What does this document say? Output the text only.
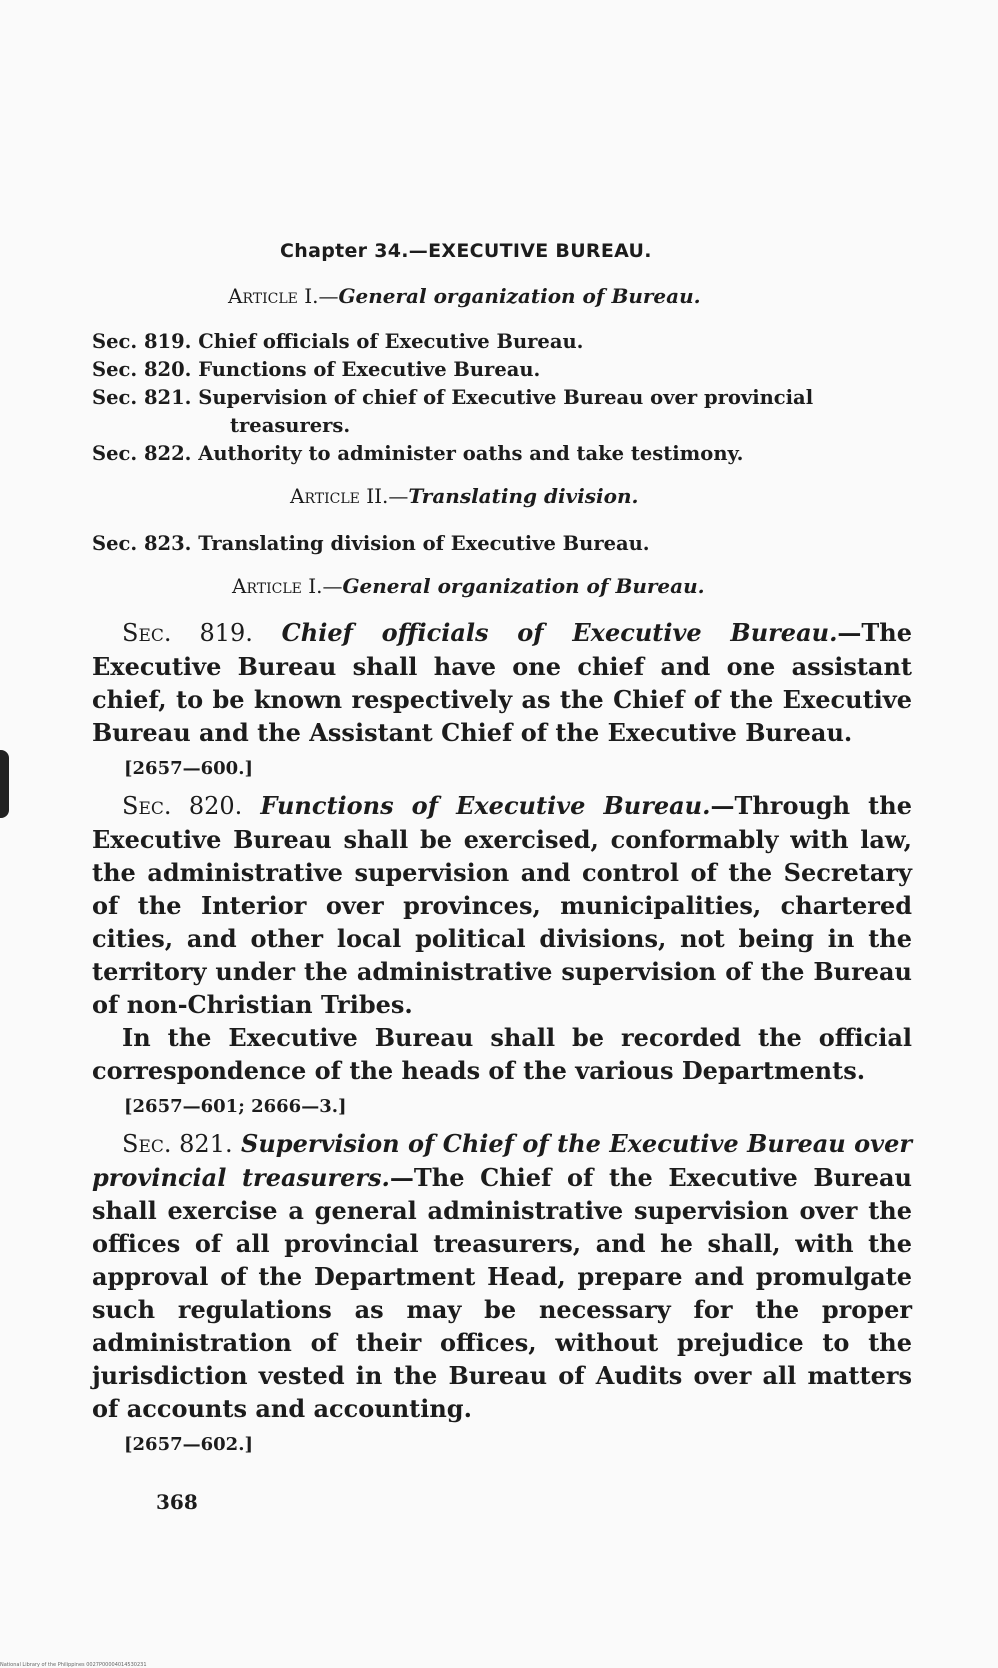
Chapter 34.—EXECUTIVE BUREAU.
Article I.—General organization of Bureau.
Sec. 819. Chief officials of Executive Bureau.
Sec. 820. Functions of Executive Bureau.
Sec. 821. Supervision of chief of Executive Bureau over provincial
treasurers.
Sec. 822. Authority to administer oaths and take testimony.
Article II.—Translating division.
Sec. 823. Translating division of Executive Bureau.
Article I.—General organization of Bureau.

Sec. 819. Chief officials of Executive Bureau.—The Executive Bureau shall have one chief and one assistant chief, to be known respectively as the Chief of the Executive Bureau and the Assistant Chief of the Executive Bureau.

[2657—600.]

Sec. 820. Functions of Executive Bureau.—Through the Executive Bureau shall be exercised, conformably with law, the administrative supervision and control of the Secretary of the Interior over provinces, municipalities, chartered cities, and other local political divisions, not being in the territory under the administrative supervision of the Bureau of non-Christian Tribes.

In the Executive Bureau shall be recorded the official correspondence of the heads of the various Departments.

[2657—601; 2666—3.]

Sec. 821. Supervision of Chief of the Executive Bureau over provincial treasurers.—The Chief of the Executive Bureau shall exercise a general administrative supervision over the offices of all provincial treasurers, and he shall, with the approval of the Department Head, prepare and promulgate such regulations as may be necessary for the proper administration of their offices, without prejudice to the jurisdiction vested in the Bureau of Audits over all matters of accounts and accounting.

[2657—602.]
368
National Library of the Philippines 0027P00004014530231
